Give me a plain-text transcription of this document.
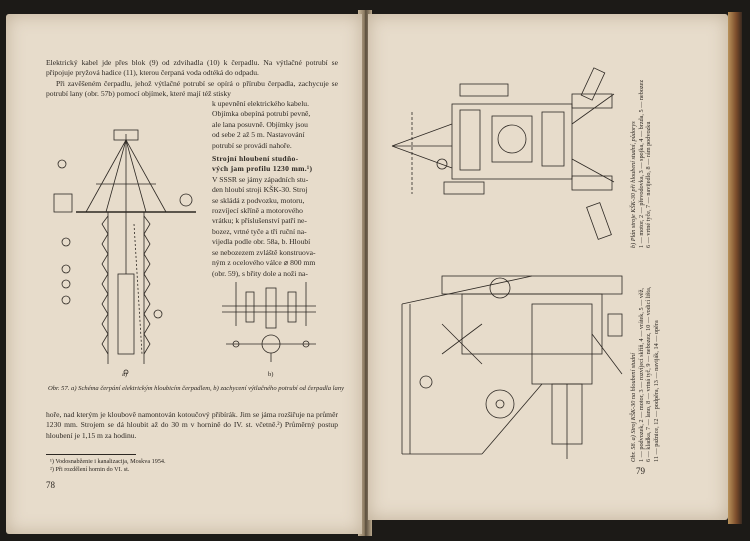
Elektrický kabel jde přes blok (9) od zdvihadla (10) k čerpadlu. Na výtlačné potrubí se připojuje pryžová hadice (11), kterou čerpaná voda odtéká do odpadu.

Při zavěšeném čerpadlu, jehož výtlačné potrubí se opírá o přírubu čerpadla, zachycuje se potrubí lany (obr. 57b) pomocí objímek, které mají též stisky

k upevnění elektrického kabelu.

Objímka obepíná potrubí pevně,

ale lana posuvně. Objímky jsou

od sebe 2 až 5 m. Nastavování

potrubí se provádí nahoře.

Strojní hloubení studňo-

vých jam profilu 1230 mm.¹)

V SSSR se jámy západních stu-

den hloubí stroji KŠK-30. Stroj

se skládá z podvozku, motoru,

rozvíjecí skříně a motorového

vrátku; k příslušenství patří ne-

bozez, vrtné tyče a tři ruční na-

vijedla podle obr. 58a, b. Hloubí

se nebozezem zvláště konstruova-

ným z ocelového válce ⌀ 800 mm

(obr. 59), s břity dole a noži na-

a)	b)
Obr. 57. a) Schéma čerpání elektrickým hloubicím čerpadlem, b) zachycení výtlačného potrubí od čerpadla lany
hoře, nad kterým je kloubově namontován kotoučový přibírák. Jim se jáma rozšiřuje na průměr 1230 mm. Strojem se dá hloubit až do 30 m v hornině do IV. st. včetně.²) Průměrný postup hloubení je 1,15 m za hodinu.
¹) Vodosnabženie i kanalizacija, Moskva 1954.
²) Při rozdělení hornin do VI. st.
78
b) Plán stroje KŠK-30 při hloubení studní, půdorys 1 — motor, 2 — převodovka, 3 — spojka, 4 — brzda, 5 — nebozez 6 — vrtné tyče, 7 — navijedlo, 8 — rám podvozku
Obr. 58. a) Stroj KŠK-30 na hloubení studní 1 — podvozek, 2 — motor, 3 — rozvíjecí skříň, 4 — vrátek, 5 — věž, 6 — kladka, 7 — lano, 8 — vrtná tyč, 9 — nebozez, 10 — vodicí lišta, 11 — pažnice, 12 — podpěra, 13 — naviják, 14 — opěra
79
